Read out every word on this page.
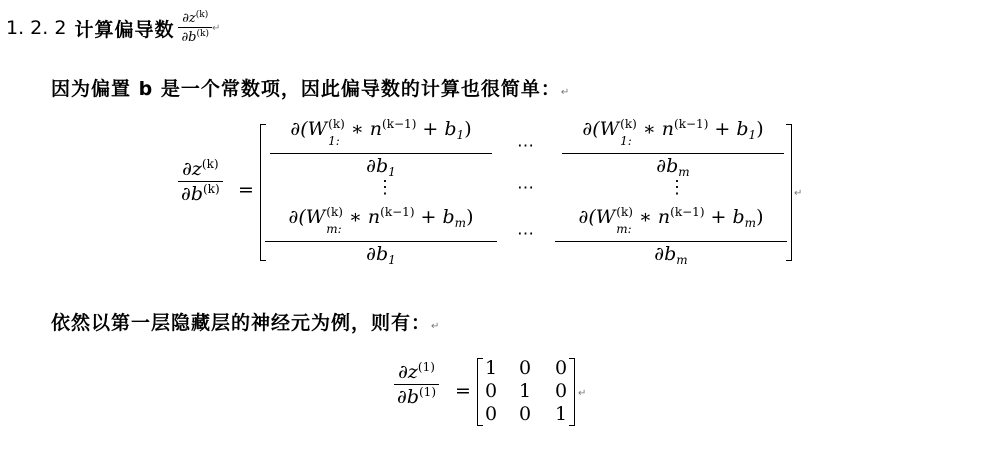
1. 2. 2 计算偏导数 $\frac{\partial z^{(k)}}{\partial b^{(k)}}$ ↵
因为偏置 b 是一个常数项，因此偏导数的计算也很简单：↵
$\partial z^{(k)}$
$\partial b^{(k)}$ =
∂(W (k)
1:
∗ $n^{(k-1)} + b_1$)
$\partial b_1$
⋯
∂(W (k)
1:
∗ $n^{(k-1)} + b_1$)
$\partial b_m$
⋮	⋯	⋮
∂(W (k)
m:
∗ $n^{(k-1)} + b_m$)
$\partial b_1$
⋯
∂(W (k)
m:
∗ $n^{(k-1)} + b_m$)
$\partial b_m$
↵
依然以第一层隐藏层的神经元为例，则有：↵
$\partial z^{(1)}$
$\partial b^{(1)}$ =
1 0 0
0 1 0
0 0 1
↵
